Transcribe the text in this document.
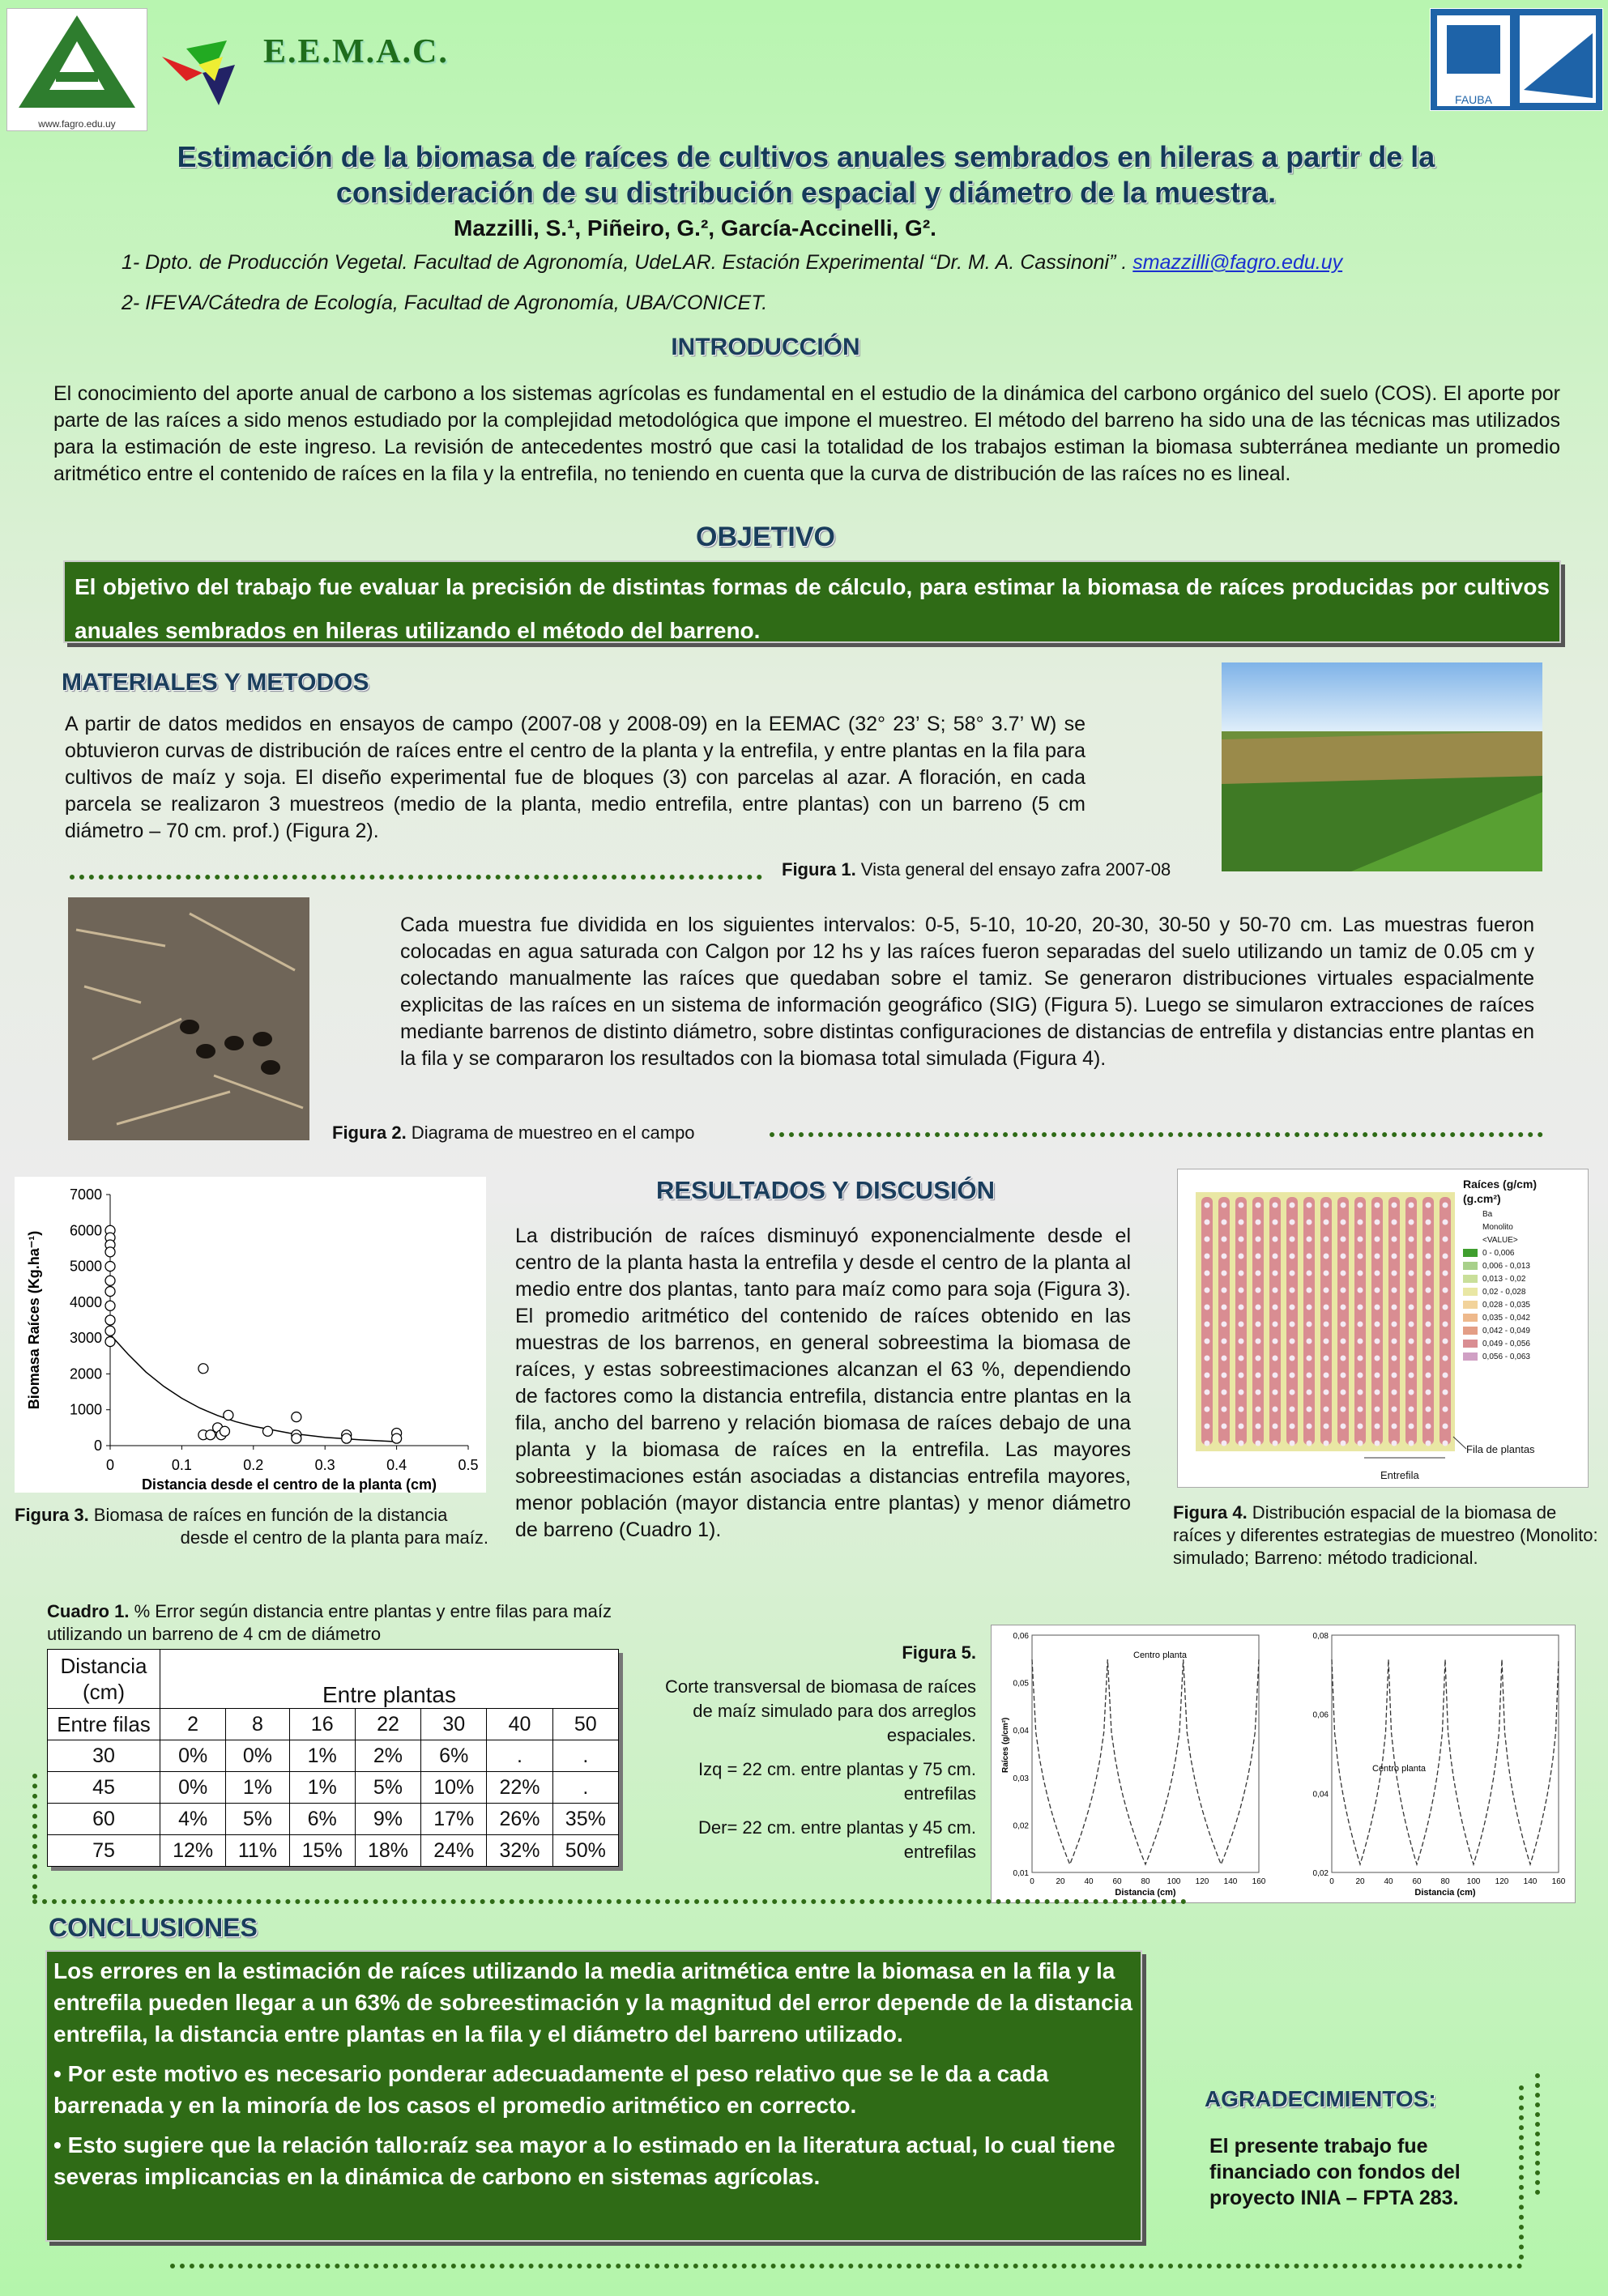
www.fagro.edu.uy
E.E.M.A.C.
FAUBA
Estimación de la biomasa de raíces de cultivos anuales sembrados en hileras a partir de la
consideración de su distribución espacial y diámetro de la muestra.
Mazzilli, S.¹, Piñeiro, G.², García-Accinelli, G².
1- Dpto. de Producción Vegetal. Facultad de Agronomía, UdeLAR. Estación Experimental “Dr. M. A. Cassinoni” . smazzilli@fagro.edu.uy
2- IFEVA/Cátedra de Ecología, Facultad de Agronomía, UBA/CONICET.
INTRODUCCIÓN
El conocimiento del aporte anual de carbono a los sistemas agrícolas es fundamental en el estudio de la dinámica del carbono orgánico del suelo (COS). El aporte por parte de las raíces a sido menos estudiado por la complejidad metodológica que impone el muestreo. El método del barreno ha sido una de las técnicas mas utilizados para la estimación de este ingreso. La revisión de antecedentes mostró que casi la totalidad de los trabajos estiman la biomasa subterránea mediante un promedio aritmético entre el contenido de raíces en la fila y la entrefila, no teniendo en cuenta que la curva de distribución de las raíces no es lineal.
OBJETIVO
El objetivo del trabajo fue evaluar la precisión de distintas formas de cálculo, para estimar la biomasa de raíces producidas por cultivos anuales sembrados en hileras utilizando el método del barreno.
MATERIALES Y METODOS
A partir de datos medidos en ensayos de campo (2007-08 y 2008-09) en la EEMAC (32° 23’ S; 58° 3.7’ W) se obtuvieron curvas de distribución de raíces entre el centro de la planta y la entrefila, y entre plantas en la fila para cultivos de maíz y soja. El diseño experimental fue de bloques (3) con parcelas al azar. A floración, en cada parcela se realizaron 3 muestreos (medio de la planta, medio entrefila, entre plantas) con un barreno (5 cm diámetro – 70 cm. prof.) (Figura 2).
Figura 1. Vista general del ensayo zafra 2007-08
Cada muestra fue dividida en los siguientes intervalos: 0-5, 5-10, 10-20, 20-30, 30-50 y 50-70 cm. Las muestras fueron colocadas en agua saturada con Calgon por 12 hs y las raíces fueron separadas del suelo utilizando un tamiz de 0.05 cm y colectando manualmente las raíces que quedaban sobre el tamiz. Se generaron distribuciones virtuales espacialmente explicitas de las raíces en un sistema de información geográfico (SIG) (Figura 5). Luego se simularon extracciones de raíces mediante barrenos de distinto diámetro, sobre distintas configuraciones de distancias de entrefila y distancias entre plantas en la fila y se compararon los resultados con la biomasa total simulada (Figura 4).
Figura 2. Diagrama de muestreo en el campo
0
1000
2000
3000
4000
5000
6000
7000
0	0.1	0.2	0.3	0.4	0.5
Distancia desde el centro de la planta (cm)
Biomasa Raíces (Kg.ha⁻¹)
Figura 3. Biomasa de raíces en función de la distancia
desde el centro de la planta para maíz.
RESULTADOS Y DISCUSIÓN
La distribución de raíces disminuyó exponencialmente desde el centro de la planta hasta la entrefila y desde el centro de la planta al medio entre dos plantas, tanto para maíz como para soja (Figura 3). El promedio aritmético del contenido de raíces obtenido en las muestras de los barrenos, en general sobreestima la biomasa de raíces, y estas sobreestimaciones alcanzan el 63 %, dependiendo de factores como la distancia entrefila, distancia entre plantas en la fila, ancho del barreno y relación biomasa de raíces debajo de una planta y la biomasa de raíces en la entrefila. Las mayores sobreestimaciones están asociadas a distancias entrefila mayores, menor población (mayor distancia entre plantas) y menor diámetro de barreno (Cuadro 1).
Raíces (g/cm)
(g.cm²)
Ba
Monolito
<VALUE>
0 - 0,006
0,006 - 0,013
0,013 - 0,02
0,02 - 0,028
0,028 - 0,035
0,035 - 0,042
0,042 - 0,049
0,049 - 0,056
0,056 - 0,063
Fila de plantas
Entrefila
Figura 4. Distribución espacial de la biomasa de raíces y diferentes estrategias de muestreo (Monolito: simulado; Barreno: método tradicional.
Cuadro 1. % Error según distancia entre plantas y entre filas para maíz utilizando un barreno de 4 cm de diámetro
Distancia (cm)	Entre plantas						
Entre filas	2	8	16	22	30	40	50
30	0%	0%	1%	2%	6%	.	.
45	0%	1%	1%	5%	10%	22%	.
60	4%	5%	6%	9%	17%	26%	35%
75	12%	11%	15%	18%	24%	32%	50%
Figura 5.
Corte transversal de biomasa de raíces de maíz simulado para dos arreglos espaciales.
Izq = 22 cm. entre plantas y 75 cm. entrefilas
Der= 22 cm. entre plantas y 45 cm. entrefilas
0,06
0,05
0,04
0,03
0,02
0,01
0	20 40 60 80 100 120 140 160
Distancia (cm)
0,08
0,06
0,04
0,02
0	20 40 60 80 100 120 140 160
Distancia (cm)
Raíces (g/cm²)
Centro planta
Centro planta
CONCLUSIONES
Los errores en la estimación de raíces utilizando la media aritmética entre la biomasa en la fila y la entrefila pueden llegar a un 63% de sobreestimación y la magnitud del error depende de la distancia entrefila, la distancia entre plantas en la fila y el diámetro del barreno utilizado.
• Por este motivo es necesario ponderar adecuadamente el peso relativo que se le da a cada barrenada y en la minoría de los casos el promedio aritmético en correcto.
• Esto sugiere que la relación tallo:raíz sea mayor a lo estimado en la literatura actual, lo cual tiene severas implicancias en la dinámica de carbono en sistemas agrícolas.
AGRADECIMIENTOS:
El presente trabajo fue financiado con fondos del proyecto INIA – FPTA 283.
